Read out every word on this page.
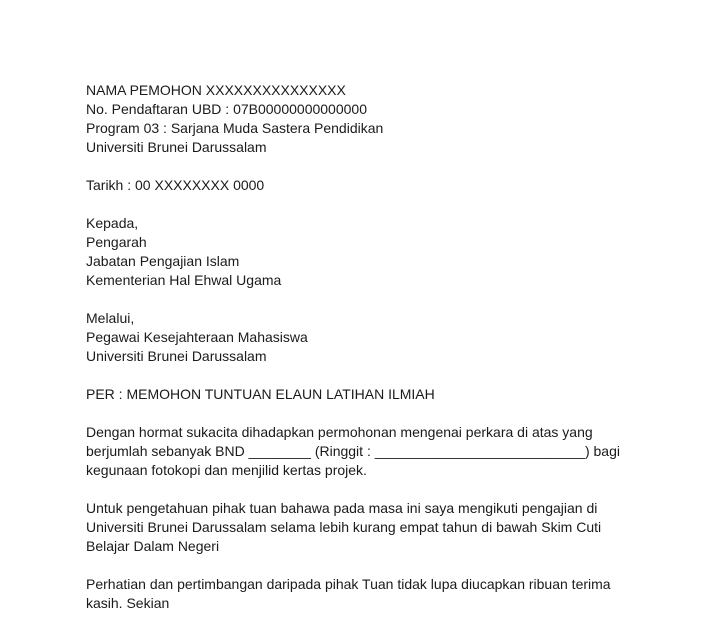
NAMA PEMOHON XXXXXXXXXXXXXXX
No. Pendaftaran UBD : 07B00000000000000
Program 03 : Sarjana Muda Sastera Pendidikan
Universiti Brunei Darussalam
Tarikh : 00 XXXXXXXX 0000
Kepada,
Pengarah
Jabatan Pengajian Islam
Kementerian Hal Ehwal Ugama
Melalui,
Pegawai Kesejahteraan Mahasiswa
Universiti Brunei Darussalam
PER : MEMOHON TUNTUAN ELAUN LATIHAN ILMIAH
Dengan hormat sukacita dihadapkan permohonan mengenai perkara di atas yang
berjumlah sebanyak BND ________ (Ringgit : ___________________________) bagi
kegunaan fotokopi dan menjilid kertas projek.
Untuk pengetahuan pihak tuan bahawa pada masa ini saya mengikuti pengajian di
Universiti Brunei Darussalam selama lebih kurang empat tahun di bawah Skim Cuti
Belajar Dalam Negeri
Perhatian dan pertimbangan daripada pihak Tuan tidak lupa diucapkan ribuan terima
kasih. Sekian
